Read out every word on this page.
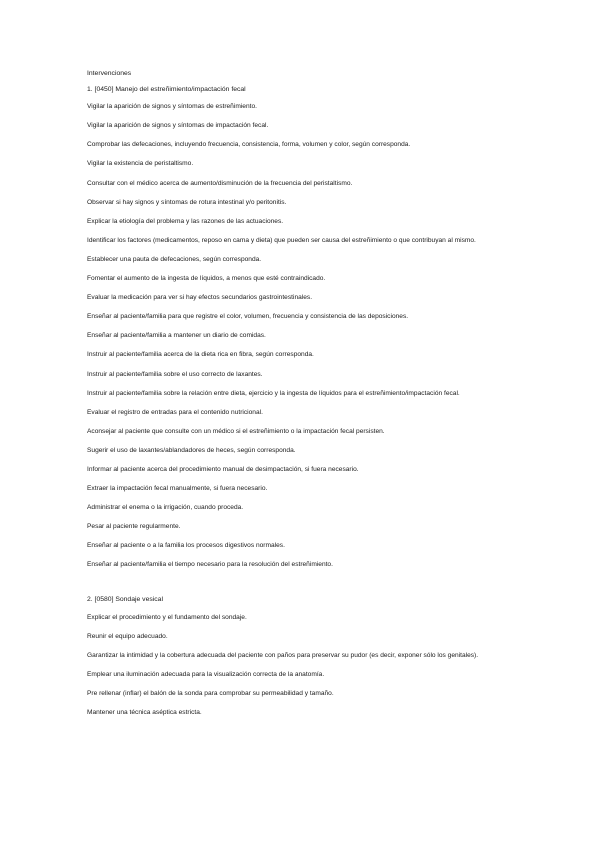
Intervenciones
1. [0450] Manejo del estreñimiento/impactación fecal

Vigilar la aparición de signos y síntomas de estreñimiento.

Vigilar la aparición de signos y síntomas de impactación fecal.

Comprobar las defecaciones, incluyendo frecuencia, consistencia, forma, volumen y color, según corresponda.

Vigilar la existencia de peristaltismo.

Consultar con el médico acerca de aumento/disminución de la frecuencia del peristaltismo.

Observar si hay signos y síntomas de rotura intestinal y/o peritonitis.

Explicar la etiología del problema y las razones de las actuaciones.

Identificar los factores (medicamentos, reposo en cama y dieta) que pueden ser causa del estreñimiento o que contribuyan al mismo.

Establecer una pauta de defecaciones, según corresponda.

Fomentar el aumento de la ingesta de líquidos, a menos que esté contraindicado.

Evaluar la medicación para ver si hay efectos secundarios gastrointestinales.

Enseñar al paciente/familia para que registre el color, volumen, frecuencia y consistencia de las deposiciones.

Enseñar al paciente/familia a mantener un diario de comidas.

Instruir al paciente/familia acerca de la dieta rica en fibra, según corresponda.

Instruir al paciente/familia sobre el uso correcto de laxantes.

Instruir al paciente/familia sobre la relación entre dieta, ejercicio y la ingesta de líquidos para el estreñimiento/impactación fecal.

Evaluar el registro de entradas para el contenido nutricional.

Aconsejar al paciente que consulte con un médico si el estreñimiento o la impactación fecal persisten.

Sugerir el uso de laxantes/ablandadores de heces, según corresponda.

Informar al paciente acerca del procedimiento manual de desimpactación, si fuera necesario.

Extraer la impactación fecal manualmente, si fuera necesario.

Administrar el enema o la irrigación, cuando proceda.

Pesar al paciente regularmente.

Enseñar al paciente o a la familia los procesos digestivos normales.

Enseñar al paciente/familia el tiempo necesario para la resolución del estreñimiento.

2. [0580] Sondaje vesical

Explicar el procedimiento y el fundamento del sondaje.

Reunir el equipo adecuado.

Garantizar la intimidad y la cobertura adecuada del paciente con paños para preservar su pudor (es decir, exponer sólo los genitales).

Emplear una iluminación adecuada para la visualización correcta de la anatomía.

Pre rellenar (inflar) el balón de la sonda para comprobar su permeabilidad y tamaño.

Mantener una técnica aséptica estricta.
